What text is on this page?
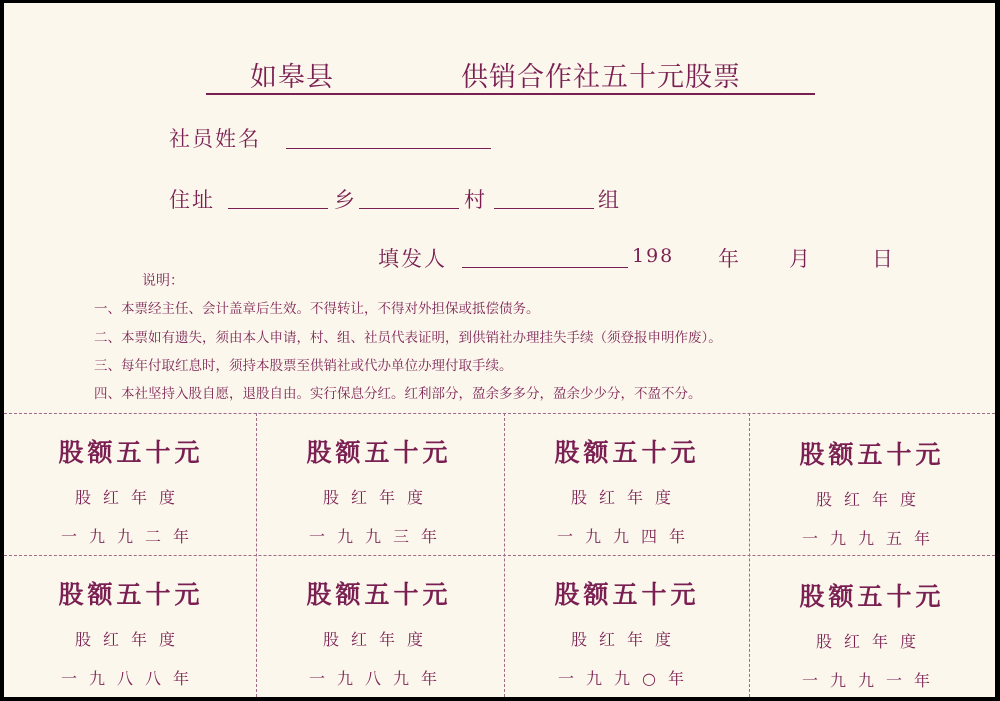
如皋县	供销合作社五十元股票
社员姓名
住址	乡	村	组
填发人	198 年 月	日
说明：
一、本票经主任、会计盖章后生效。不得转让，不得对外担保或抵偿债务。
二、本票如有遗失，须由本人申请，村、组、社员代表证明，到供销社办理挂失手续（须登报申明作废）。
三、每年付取红息时，须持本股票至供销社或代办单位办理付取手续。
四、本社坚持入股自愿，退股自由。实行保息分红。红利部分，盈余多多分，盈余少少分，不盈不分。
股额五十元
股红年度
一九九二年
股额五十元
股红年度
一九九三年
股额五十元
股红年度
一九九四年
股额五十元
股红年度
一九九五年
股额五十元
股红年度
一九八八年
股额五十元
股红年度
一九八九年
股额五十元
股红年度
一九九○年
股额五十元
股红年度
一九九一年
